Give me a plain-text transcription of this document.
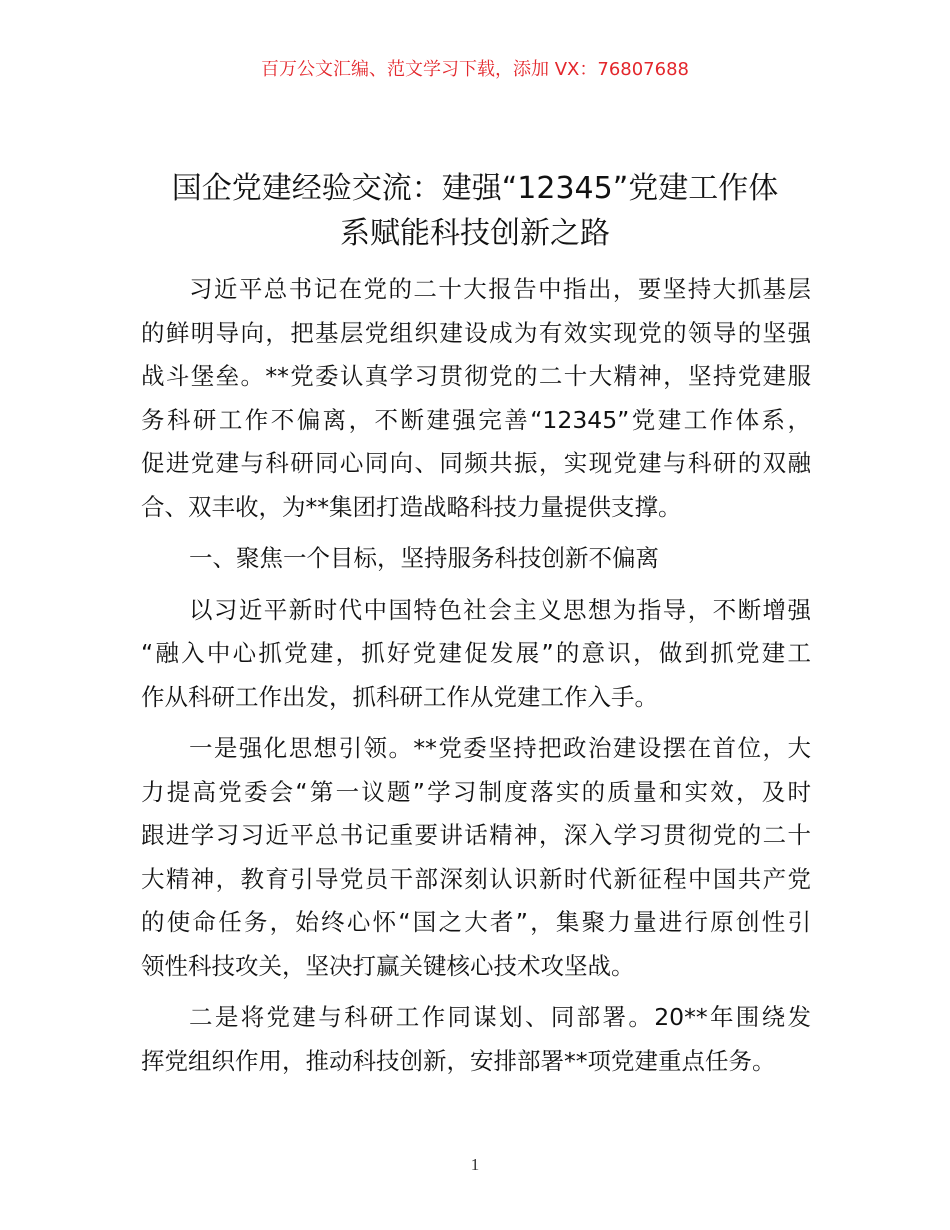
百万公文汇编、范文学习下载，添加 VX：76807688
国企党建经验交流：建强“12345”党建工作体
系赋能科技创新之路
习近平总书记在党的二十大报告中指出，要坚持大抓基层
的鲜明导向，把基层党组织建设成为有效实现党的领导的坚强
战斗堡垒。**党委认真学习贯彻党的二十大精神，坚持党建服
务科研工作不偏离，不断建强完善“12345”党建工作体系，
促进党建与科研同心同向、同频共振，实现党建与科研的双融
合、双丰收，为**集团打造战略科技力量提供支撑。
一、聚焦一个目标，坚持服务科技创新不偏离
以习近平新时代中国特色社会主义思想为指导，不断增强
“融入中心抓党建，抓好党建促发展”的意识，做到抓党建工
作从科研工作出发，抓科研工作从党建工作入手。
一是强化思想引领。**党委坚持把政治建设摆在首位，大
力提高党委会“第一议题”学习制度落实的质量和实效，及时
跟进学习习近平总书记重要讲话精神，深入学习贯彻党的二十
大精神，教育引导党员干部深刻认识新时代新征程中国共产党
的使命任务，始终心怀“国之大者”，集聚力量进行原创性引
领性科技攻关，坚决打赢关键核心技术攻坚战。
二是将党建与科研工作同谋划、同部署。20**年围绕发
挥党组织作用，推动科技创新，安排部署**项党建重点任务。
1
